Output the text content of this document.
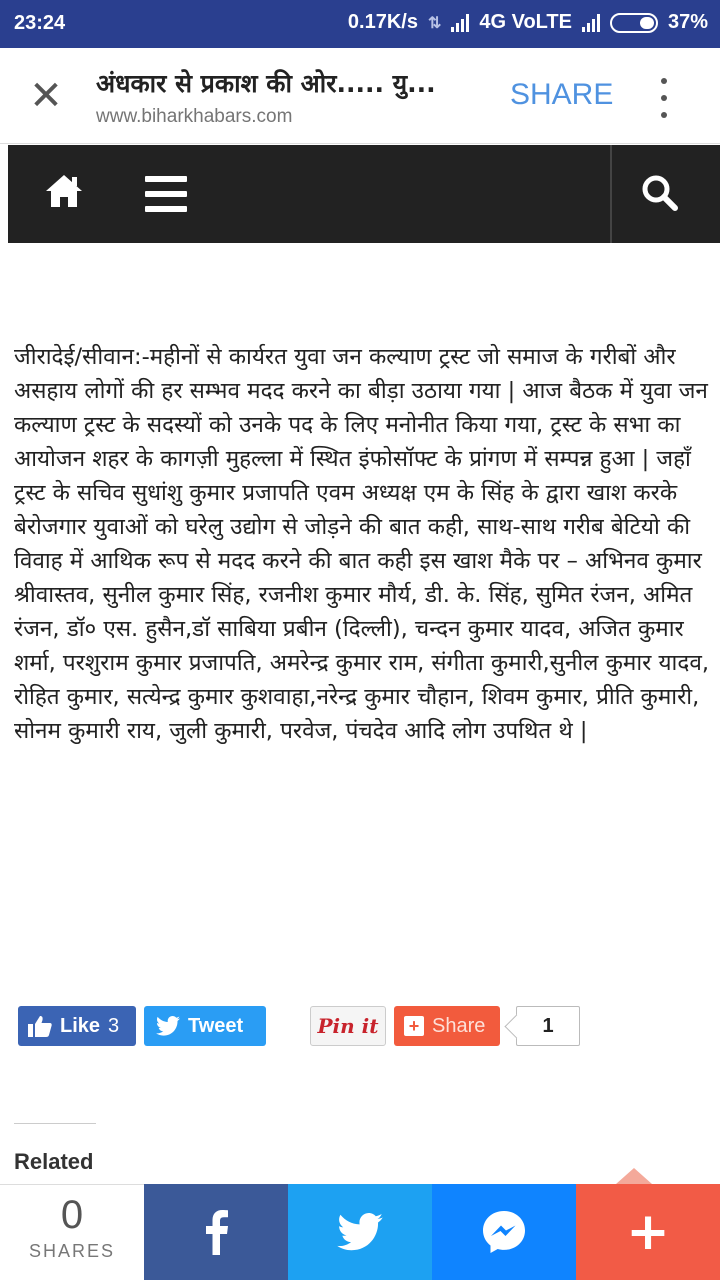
23:24	0.17K/s ⇅ 4G VoLTE	37%
✕ अंधकार से प्रकाश की ओर..... यु...
www.biharkhabars.com
SHARE
जीरादेई/सीवान:-महीनों से कार्यरत युवा जन कल्याण ट्रस्ट जो समाज के गरीबों और असहाय लोगों की हर सम्भव मदद करने का बीड़ा उठाया गया | आज बैठक में युवा जन कल्याण ट्रस्ट के सदस्यों को उनके पद के लिए मनोनीत किया गया, ट्रस्ट के सभा का आयोजन शहर के कागज़ी मुहल्ला में स्थित इंफोसॉफ्ट के प्रांगण में सम्पन्न हुआ | जहाँ ट्रस्ट के सचिव सुधांशु कुमार प्रजापति एवम अध्यक्ष एम के सिंह के द्वारा खाश करके बेरोजगार युवाओं को घरेलु उद्योग से जोड़ने की बात कही, साथ-साथ गरीब बेटियो की विवाह में आथिक रूप से मदद करने की बात कही इस खाश मैके पर – अभिनव कुमार श्रीवास्तव, सुनील कुमार सिंह, रजनीश कुमार मौर्य, डी. के. सिंह, सुमित रंजन, अमित रंजन, डॉ० एस. हुसैन,डॉ साबिया प्रबीन (दिल्ली), चन्दन कुमार यादव, अजित कुमार शर्मा, परशुराम कुमार प्रजापति, अमरेन्द्र कुमार राम, संगीता कुमारी,सुनील कुमार यादव, रोहित कुमार, सत्येन्द्र कुमार कुशवाहा,नरेन्द्र कुमार चौहान, शिवम कुमार, प्रीति कुमारी, सोनम कुमारी राय, जुली कुमारी, परवेज, पंचदेव आदि लोग उपथित थे |
Like 3	Tweet	Pin it	+ Share	1
Related
0
SHARES	+
